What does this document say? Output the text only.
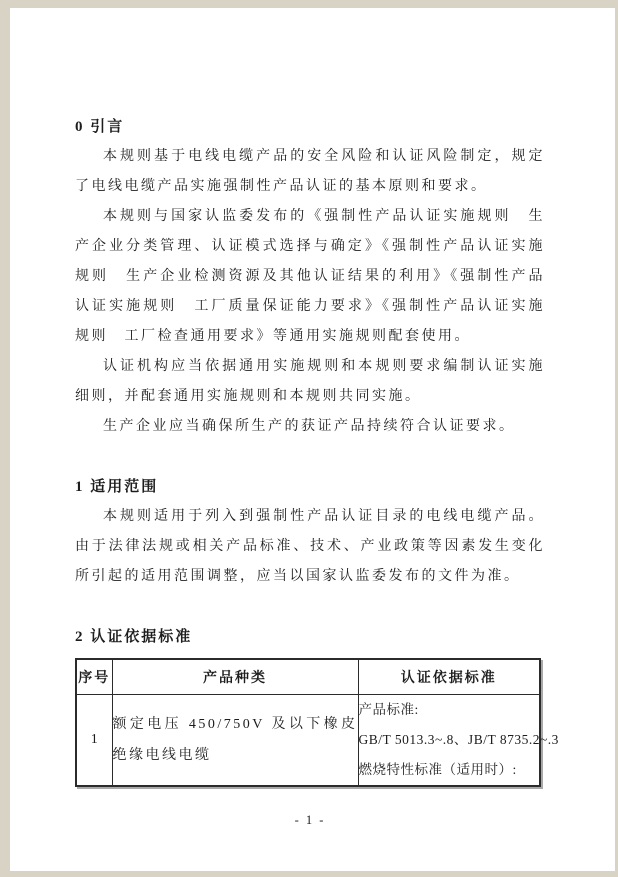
0 引言

本规则基于电线电缆产品的安全风险和认证风险制定，规定了电线电缆产品实施强制性产品认证的基本原则和要求。

本规则与国家认监委发布的《强制性产品认证实施规则　生产企业分类管理、认证模式选择与确定》《强制性产品认证实施规则　生产企业检测资源及其他认证结果的利用》《强制性产品认证实施规则　工厂质量保证能力要求》《强制性产品认证实施规则　工厂检查通用要求》等通用实施规则配套使用。

认证机构应当依据通用实施规则和本规则要求编制认证实施细则，并配套通用实施规则和本规则共同实施。

生产企业应当确保所生产的获证产品持续符合认证要求。

1 适用范围

本规则适用于列入到强制性产品认证目录的电线电缆产品。由于法律法规或相关产品标准、技术、产业政策等因素发生变化所引起的适用范围调整，应当以国家认监委发布的文件为准。

2 认证依据标准
序号	产品种类	认证依据标准
1	额定电压 450/750V 及以下橡皮绝缘电线电缆	产品标准:
GB/T 5013.3~.8、JB/T 8735.2~.3
燃烧特性标准（适用时）:
- 1 -
